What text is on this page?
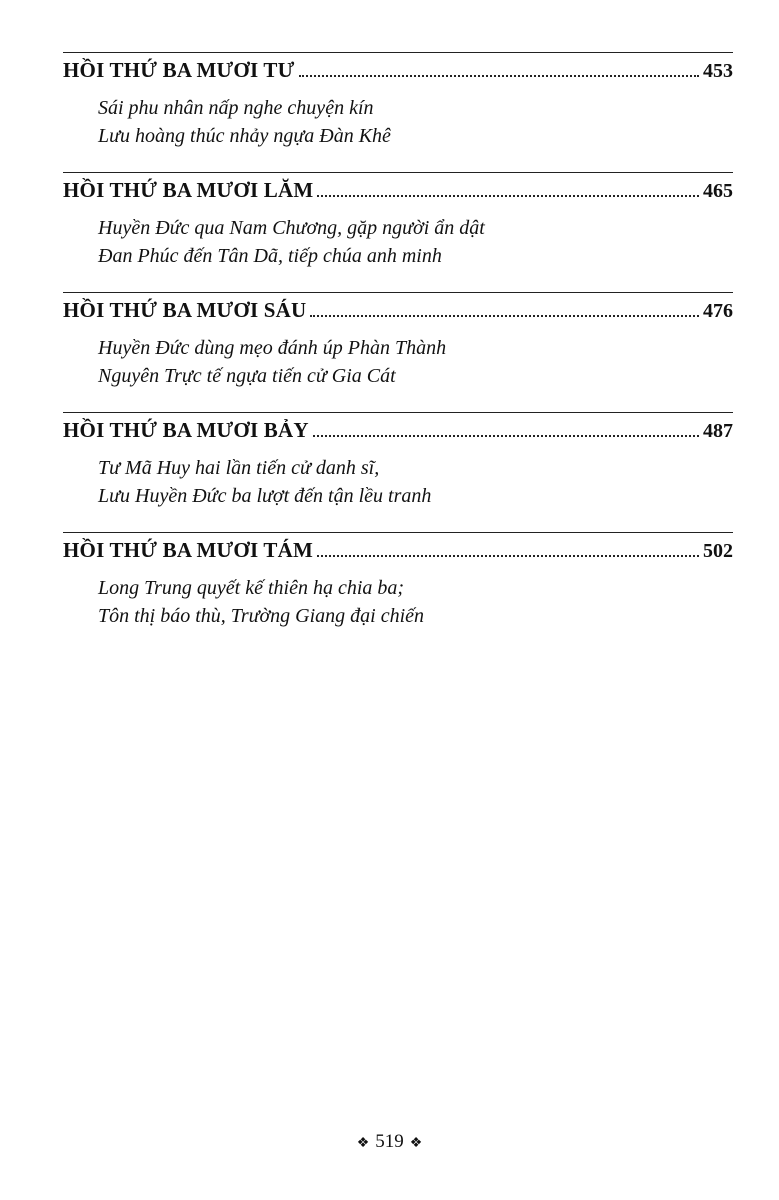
HỒI THỨ BA MƯƠI TƯ	453
Sái phu nhân nấp nghe chuyện kín
Lưu hoàng thúc nhảy ngựa Đàn Khê
HỒI THỨ BA MƯƠI LĂM	465
Huyền Đức qua Nam Chương, gặp người ẩn dật
Đan Phúc đến Tân Dã, tiếp chúa anh minh
HỒI THỨ BA MƯƠI SÁU	476
Huyền Đức dùng mẹo đánh úp Phàn Thành
Nguyên Trực tế ngựa tiến cử Gia Cát
HỒI THỨ BA MƯƠI BẢY	487
Tư Mã Huy hai lần tiến cử danh sĩ,
Lưu Huyền Đức ba lượt đến tận lều tranh
HỒI THỨ BA MƯƠI TÁM	502
Long Trung quyết kế thiên hạ chia ba;
Tôn thị báo thù, Trường Giang đại chiến
❖ 519 ❖
